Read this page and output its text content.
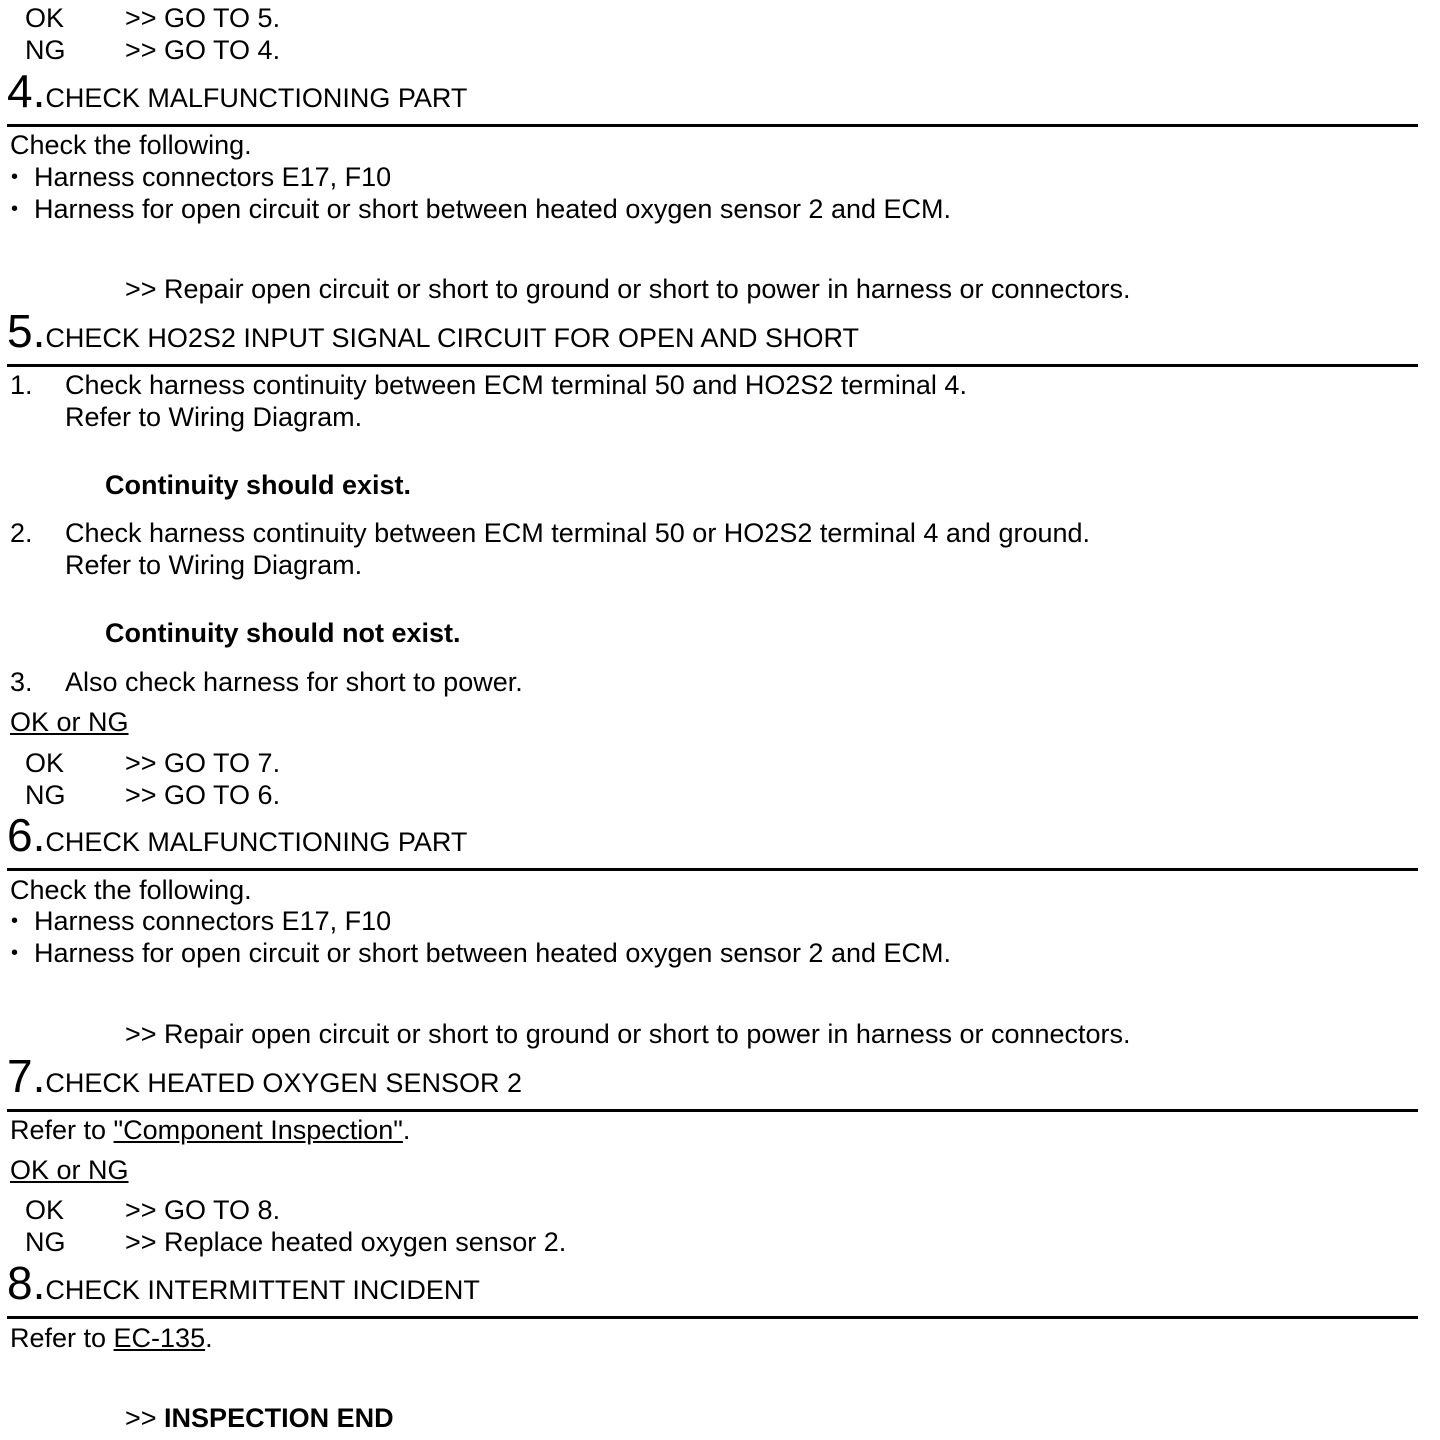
OK >> GO TO 5.
NG >> GO TO 4.
4.CHECK MALFUNCTIONING PART
Check the following.
• Harness connectors E17, F10
• Harness for open circuit or short between heated oxygen sensor 2 and ECM.
>> Repair open circuit or short to ground or short to power in harness or connectors.
5.CHECK HO2S2 INPUT SIGNAL CIRCUIT FOR OPEN AND SHORT
1. Check harness continuity between ECM terminal 50 and HO2S2 terminal 4.
Refer to Wiring Diagram.
Continuity should exist.
2. Check harness continuity between ECM terminal 50 or HO2S2 terminal 4 and ground.
Refer to Wiring Diagram.
Continuity should not exist.
3. Also check harness for short to power.
OK or NG
OK >> GO TO 7.
NG >> GO TO 6.
6.CHECK MALFUNCTIONING PART
Check the following.
• Harness connectors E17, F10
• Harness for open circuit or short between heated oxygen sensor 2 and ECM.
>> Repair open circuit or short to ground or short to power in harness or connectors.
7.CHECK HEATED OXYGEN SENSOR 2
Refer to "Component Inspection".
OK or NG
OK >> GO TO 8.
NG >> Replace heated oxygen sensor 2.
8.CHECK INTERMITTENT INCIDENT
Refer to EC-135.
>> INSPECTION END
